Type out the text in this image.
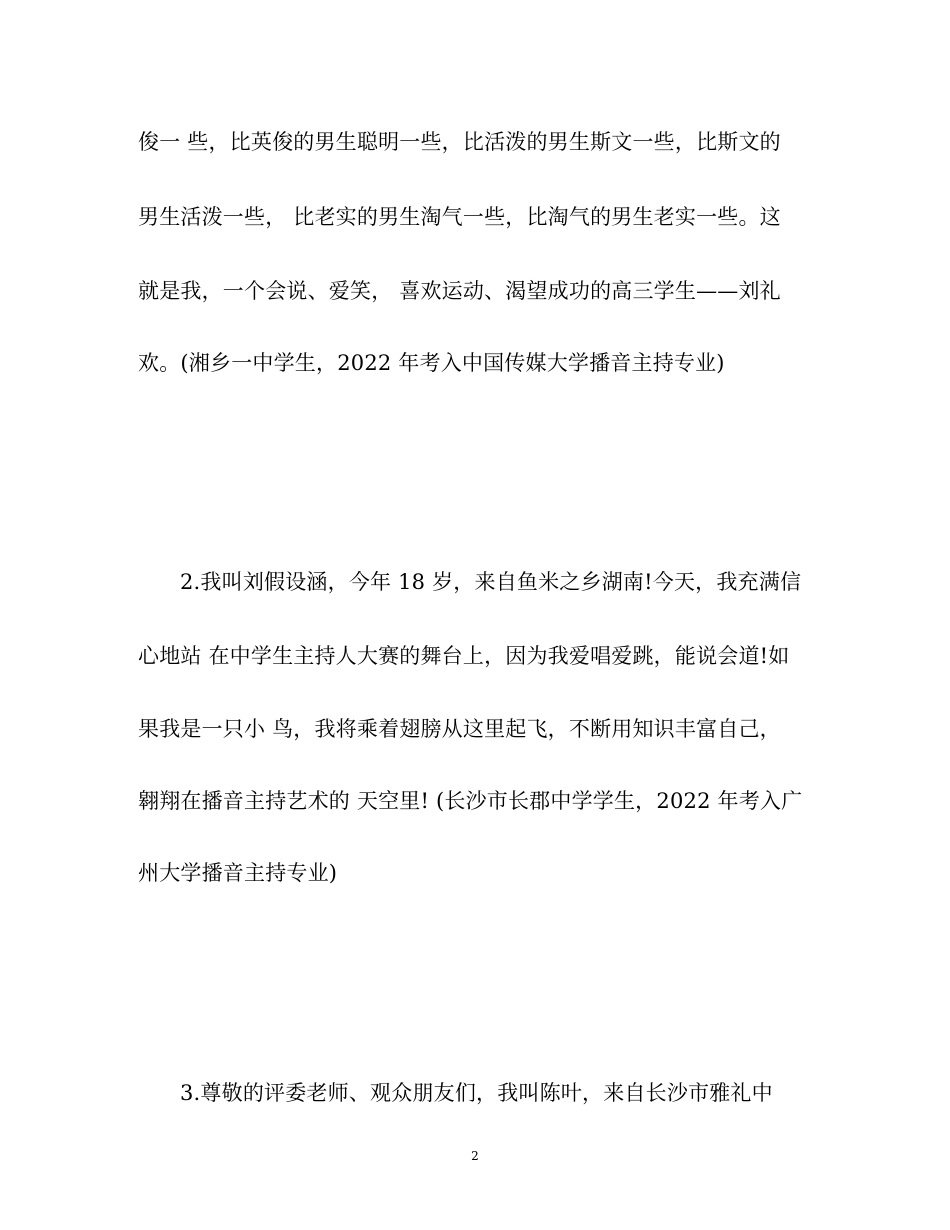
俊一 些，比英俊的男生聪明一些，比活泼的男生斯文一些，比斯文的
男生活泼一些， 比老实的男生淘气一些，比淘气的男生老实一些。这
就是我，一个会说、爱笑， 喜欢运动、渴望成功的高三学生——刘礼
欢。(湘乡一中学生，2022 年考入中国传媒大学播音主持专业)
2.我叫刘假设涵，今年 18 岁，来自鱼米之乡湖南!今天，我充满信
心地站 在中学生主持人大赛的舞台上，因为我爱唱爱跳，能说会道!如
果我是一只小 鸟，我将乘着翅膀从这里起飞，不断用知识丰富自己，
翱翔在播音主持艺术的 天空里! (长沙市长郡中学学生，2022 年考入广
州大学播音主持专业)
3.尊敬的评委老师、观众朋友们，我叫陈叶，来自长沙市雅礼中
2
